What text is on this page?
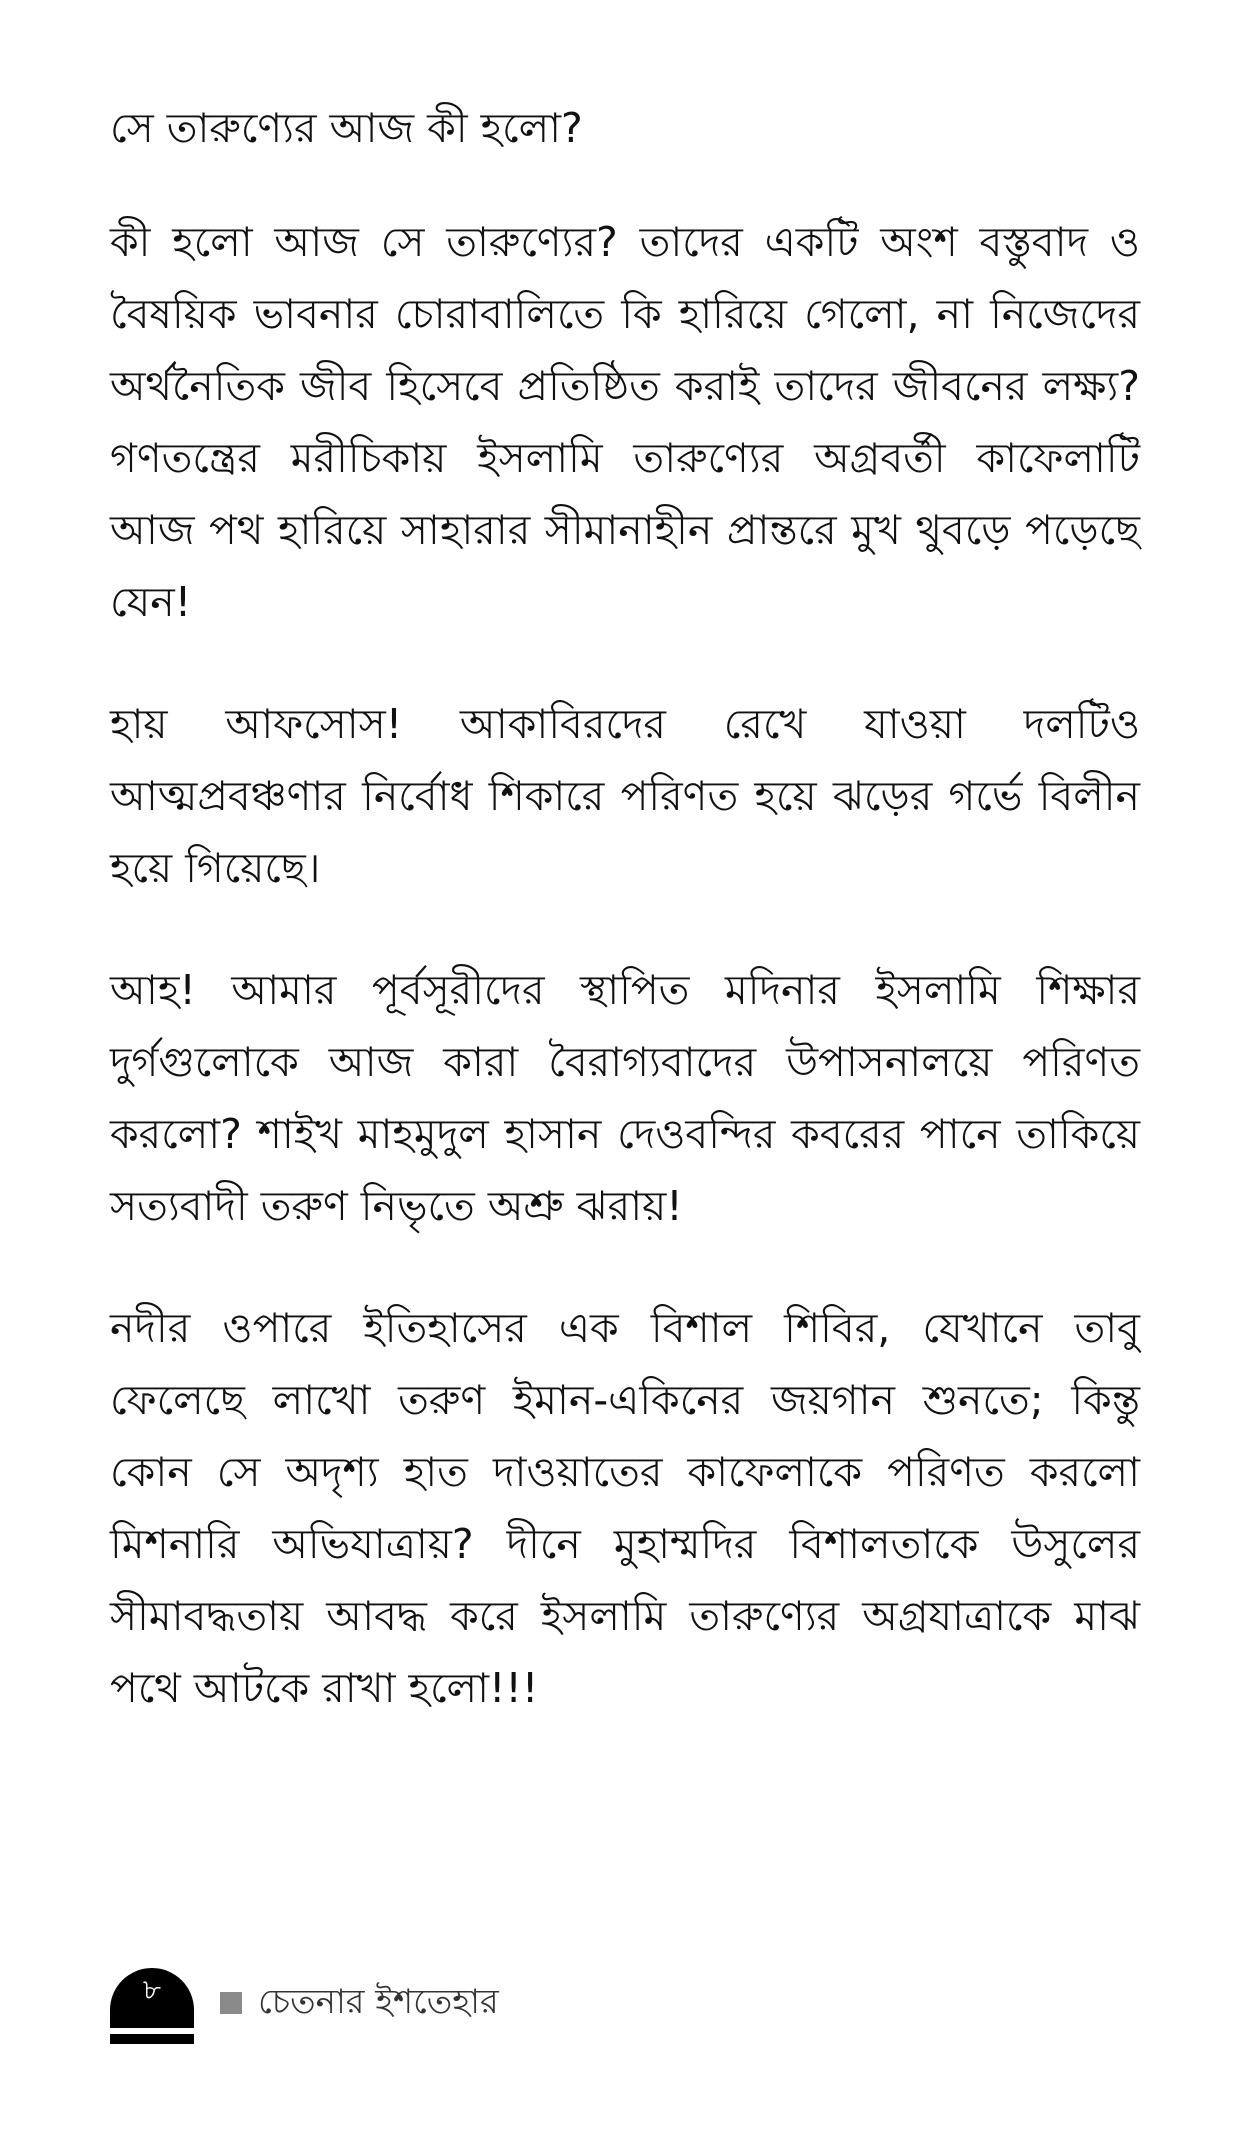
সে তারুণ্যের আজ কী হলো?

কী হলো আজ সে তারুণ্যের? তাদের একটি অংশ বস্তুবাদ ও বৈষয়িক ভাবনার চোরাবালিতে কি হারিয়ে গেলো, না নিজেদের অর্থনৈতিক জীব হিসেবে প্রতিষ্ঠিত করাই তাদের জীবনের লক্ষ্য? গণতন্ত্রের মরীচিকায় ইসলামি তারুণ্যের অগ্রবর্তী কাফেলাটি আজ পথ হারিয়ে সাহারার সীমানাহীন প্রান্তরে মুখ থুবড়ে পড়েছে যেন!

হায় আফসোস! আকাবিরদের রেখে যাওয়া দলটিও আত্মপ্রবঞ্চণার নির্বোধ শিকারে পরিণত হয়ে ঝড়ের গর্ভে বিলীন হয়ে গিয়েছে।

আহ! আমার পূর্বসূরীদের স্থাপিত মদিনার ইসলামি শিক্ষার দুর্গগুলোকে আজ কারা বৈরাগ্যবাদের উপাসনালয়ে পরিণত করলো? শাইখ মাহমুদুল হাসান দেওবন্দির কবরের পানে তাকিয়ে সত্যবাদী তরুণ নিভৃতে অশ্রু ঝরায়!

নদীর ওপারে ইতিহাসের এক বিশাল শিবির, যেখানে তাবু ফেলেছে লাখো তরুণ ইমান-একিনের জয়গান শুনতে; কিন্তু কোন সে অদৃশ্য হাত দাওয়াতের কাফেলাকে পরিণত করলো মিশনারি অভিযাত্রায়? দীনে মুহাম্মদির বিশালতাকে উসুলের সীমাবদ্ধতায় আবদ্ধ করে ইসলামি তারুণ্যের অগ্রযাত্রাকে মাঝ পথে আটকে রাখা হলো!!!

৮	চেতনার ইশতেহার
